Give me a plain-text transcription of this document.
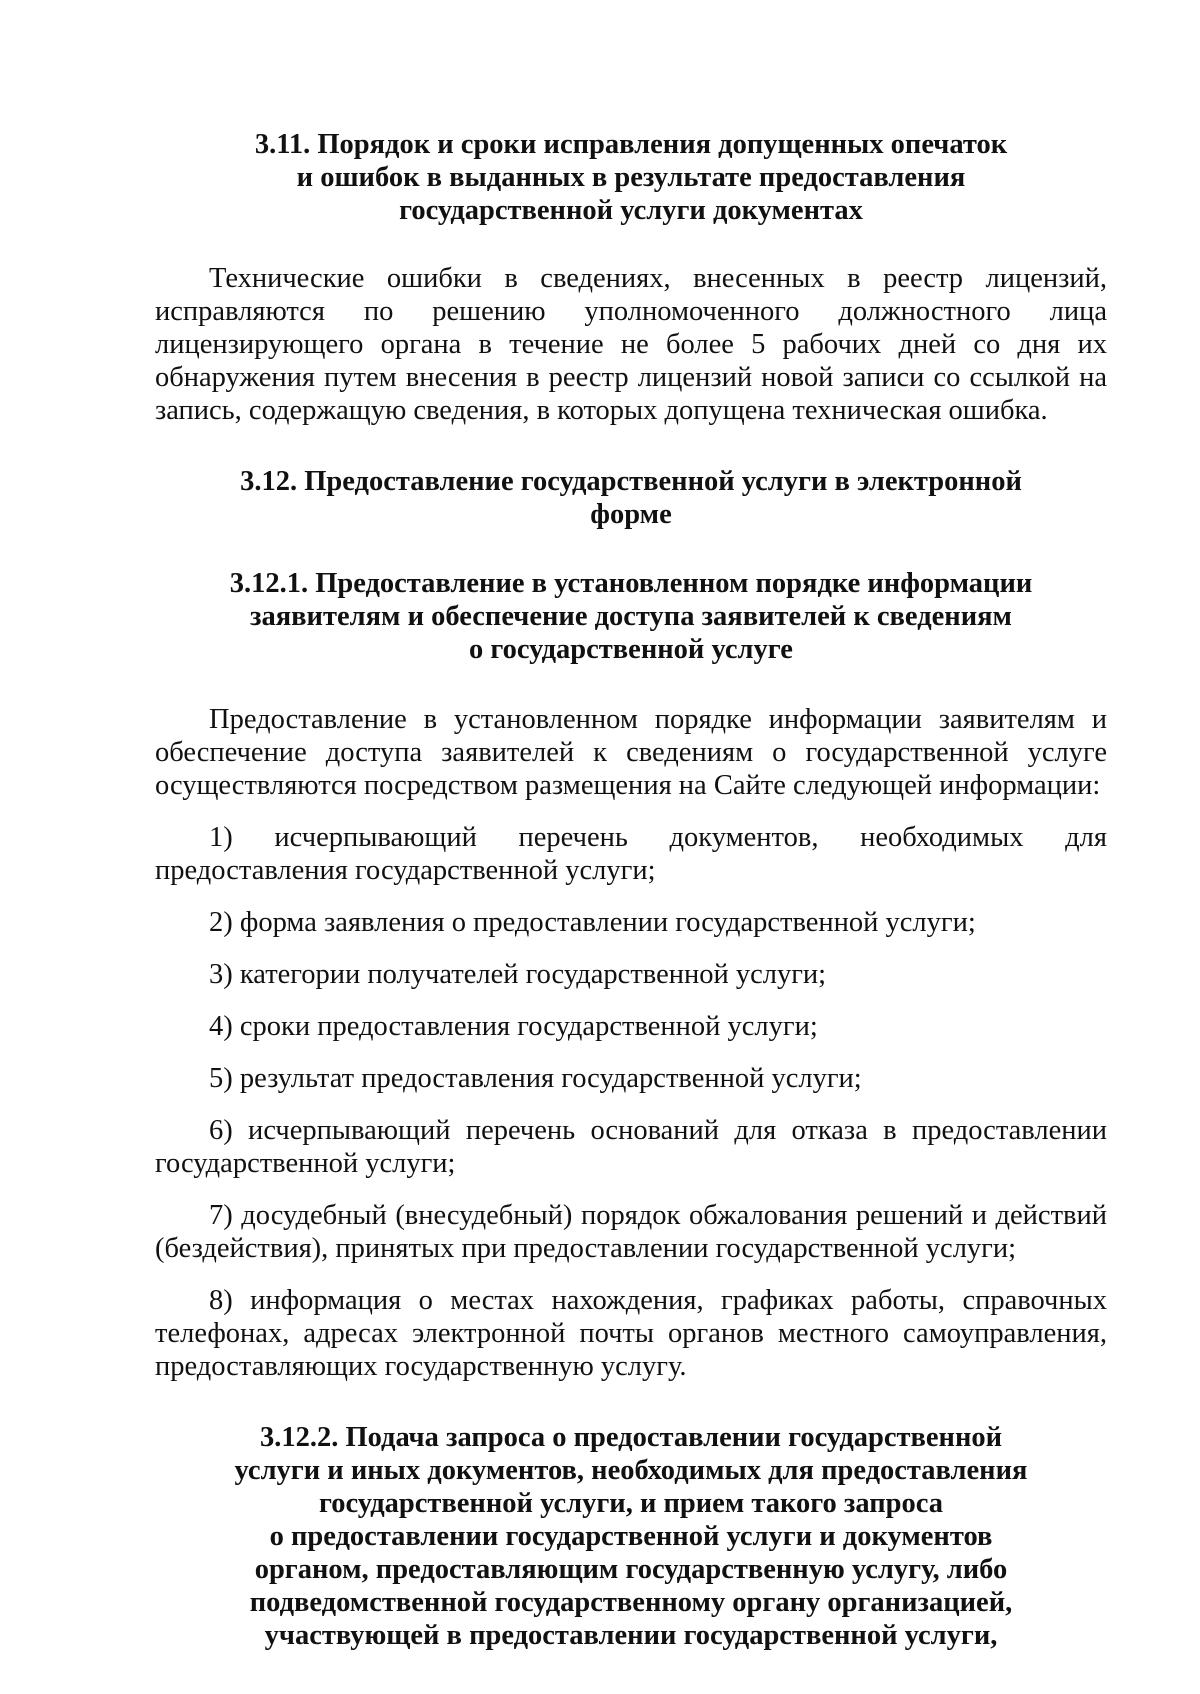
3.11. Порядок и сроки исправления допущенных опечаток
и ошибок в выданных в результате предоставления
государственной услуги документах

Технические ошибки в сведениях, внесенных в реестр лицензий, исправляются по решению уполномоченного должностного лица лицензирующего органа в течение не более 5 рабочих дней со дня их обнаружения путем внесения в реестр лицензий новой записи со ссылкой на запись, содержащую сведения, в которых допущена техническая ошибка.

3.12. Предоставление государственной услуги в электронной
форме
3.12.1. Предоставление в установленном порядке информации
заявителям и обеспечение доступа заявителей к сведениям
о государственной услуге

Предоставление в установленном порядке информации заявителям и обеспечение доступа заявителей к сведениям о государственной услуге осуществляются посредством размещения на Сайте следующей информации:

1) исчерпывающий перечень документов, необходимых для предоставления государственной услуги;

2) форма заявления о предоставлении государственной услуги;

3) категории получателей государственной услуги;

4) сроки предоставления государственной услуги;

5) результат предоставления государственной услуги;

6) исчерпывающий перечень оснований для отказа в предоставлении государственной услуги;

7) досудебный (внесудебный) порядок обжалования решений и действий (бездействия), принятых при предоставлении государственной услуги;

8) информация о местах нахождения, графиках работы, справочных телефонах, адресах электронной почты органов местного самоуправления, предоставляющих государственную услугу.

3.12.2. Подача запроса о предоставлении государственной
услуги и иных документов, необходимых для предоставления
государственной услуги, и прием такого запроса
о предоставлении государственной услуги и документов
органом, предоставляющим государственную услугу, либо
подведомственной государственному органу организацией,
участвующей в предоставлении государственной услуги,
